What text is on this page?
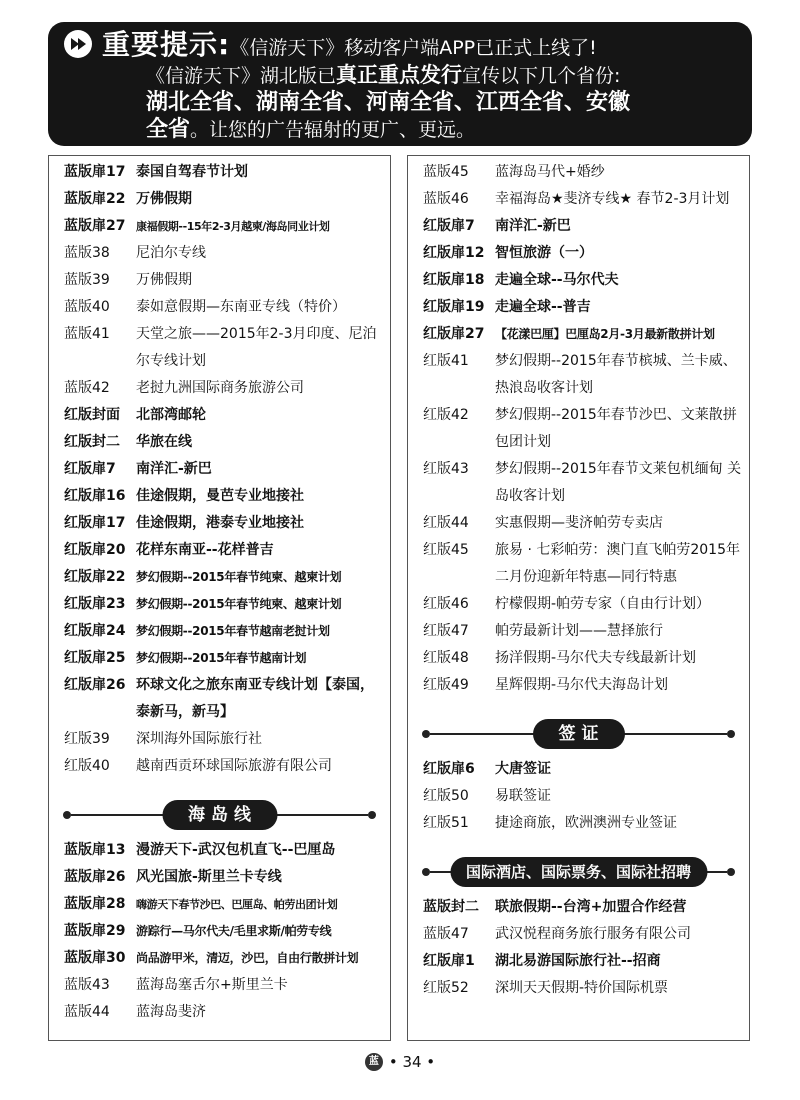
重要提示:《信游天下》移动客户端APP已正式上线了!
《信游天下》湖北版已真正重点发行宣传以下几个省份:
湖北全省、湖南全省、河南全省、江西全省、安徽
全省。让您的广告辐射的更广、更远。
蓝版扉17 泰国自驾春节计划
蓝版扉22 万佛假期
蓝版扉27 康福假期--15年2-3月越柬/海岛同业计划
蓝版38	尼泊尔专线
蓝版39	万佛假期
蓝版40	泰如意假期—东南亚专线（特价）
蓝版41	天堂之旅——2015年2-3月印度、尼泊尔专线计划
蓝版42	老挝九洲国际商务旅游公司
红版封面	北部湾邮轮
红版封二	华旅在线
红版扉7	南洋汇-新巴
红版扉16 佳途假期，曼芭专业地接社
红版扉17 佳途假期，港泰专业地接社
红版扉20 花样东南亚--花样普吉
红版扉22 梦幻假期--2015年春节纯柬、越柬计划
红版扉23 梦幻假期--2015年春节纯柬、越柬计划
红版扉24 梦幻假期--2015年春节越南老挝计划
红版扉25 梦幻假期--2015年春节越南计划
红版扉26 环球文化之旅东南亚专线计划【泰国，泰新马，新马】
红版39	深圳海外国际旅行社
红版40	越南西贡环球国际旅游有限公司
海岛线
蓝版扉13 漫游天下-武汉包机直飞--巴厘岛
蓝版扉26 风光国旅-斯里兰卡专线
蓝版扉28 嗨游天下春节沙巴、巴厘岛、帕劳出团计划
蓝版扉29 游踪行—马尔代夫/毛里求斯/帕劳专线
蓝版扉30 尚品游甲米，清迈，沙巴，自由行散拼计划
蓝版43	蓝海岛塞舌尔+斯里兰卡
蓝版44	蓝海岛斐济
蓝版45	蓝海岛马代+婚纱
蓝版46	幸福海岛★斐济专线★ 春节2-3月计划
红版扉7	南洋汇-新巴
红版扉12 智恒旅游（一）
红版扉18 走遍全球--马尔代夫
红版扉19 走遍全球--普吉
红版扉27 【花漾巴厘】巴厘岛2月-3月最新散拼计划
红版41	梦幻假期--2015年春节槟城、兰卡威、热浪岛收客计划
红版42	梦幻假期--2015年春节沙巴、文莱散拼包团计划
红版43	梦幻假期--2015年春节文莱包机缅甸 关岛收客计划
红版44	实惠假期—斐济帕劳专卖店
红版45	旅易 · 七彩帕劳：澳门直飞帕劳2015年二月份迎新年特惠—同行特惠
红版46	柠檬假期-帕劳专家（自由行计划）
红版47	帕劳最新计划——慧择旅行
红版48	扬洋假期-马尔代夫专线最新计划
红版49	星辉假期-马尔代夫海岛计划
签证
红版扉6	大唐签证
红版50	易联签证
红版51	捷途商旅，欧洲澳洲专业签证
国际酒店、国际票务、国际社招聘
蓝版封二	联旅假期--台湾+加盟合作经营
蓝版47	武汉悦程商务旅行服务有限公司
红版扉1	湖北易游国际旅行社--招商
红版52	深圳天天假期-特价国际机票
蓝 • 34 •
